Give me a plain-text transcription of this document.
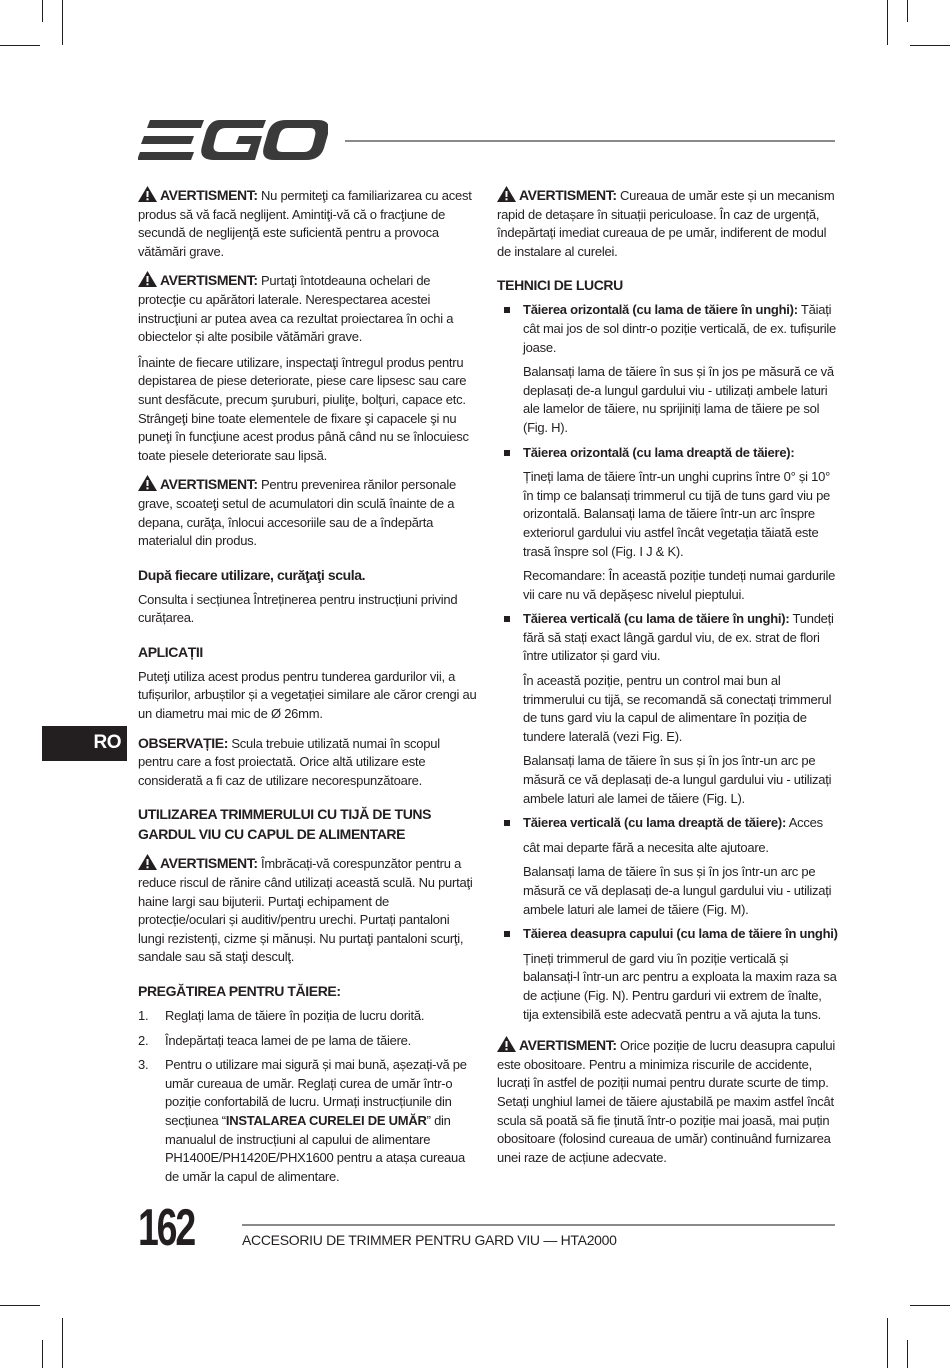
AVERTISMENT: Nu permiteţi ca familiarizarea cu acest produs să vă facă neglijent. Amintiţi-vă că o fracţiune de secundă de neglijenţă este suficientă pentru a provoca vătămări grave.

AVERTISMENT: Purtaţi întotdeauna ochelari de protecţie cu apărători laterale. Nerespectarea acestei instrucţiuni ar putea avea ca rezultat proiectarea în ochi a obiectelor și alte posibile vătămări grave.

Înainte de fiecare utilizare, inspectaţi întregul produs pentru depistarea de piese deteriorate, piese care lipsesc sau care sunt desfăcute, precum şuruburi, piuliţe, bolţuri, capace etc. Strângeţi bine toate elementele de fixare şi capacele şi nu puneţi în funcţiune acest produs până când nu se înlocuiesc toate piesele deteriorate sau lipsă.

AVERTISMENT: Pentru prevenirea rănilor personale grave, scoateţi setul de acumulatori din sculă înainte de a depana, curăţa, înlocui accesoriile sau de a îndepărta materialul din produs.

După fiecare utilizare, curăţaţi scula.

Consulta i secțiunea Întreținerea pentru instrucțiuni privind curățarea.

APLICAȚII

Puteţi utiliza acest produs pentru tunderea gardurilor vii, a tufișurilor, arbuștilor și a vegetației similare ale căror crengi au un diametru mai mic de Ø 26mm.

OBSERVAȚIE: Scula trebuie utilizată numai în scopul pentru care a fost proiectată. Orice altă utilizare este considerată a fi caz de utilizare necorespunzătoare.

UTILIZAREA TRIMMERULUI CU TIJĂ DE TUNS GARDUL VIU CU CAPUL DE ALIMENTARE

AVERTISMENT: Îmbrăcați-vă corespunzător pentru a reduce riscul de rănire când utilizați această sculă. Nu purtaţi haine largi sau bijuterii. Purtaţi echipament de protecție/oculari și auditiv/pentru urechi. Purtați pantaloni lungi rezistenți, cizme și mănuși. Nu purtaţi pantaloni scurţi, sandale sau să staţi desculţ.

PREGĂTIREA PENTRU TĂIERE:
1. Reglați lama de tăiere în poziția de lucru dorită.
2. Îndepărtați teaca lamei de pe lama de tăiere.
3. Pentru o utilizare mai sigură și mai bună, așezați-vă pe umăr cureaua de umăr. Reglați curea de umăr într-o poziție confortabilă de lucru. Urmați instrucțiunile din secțiunea “INSTALAREA CURELEI DE UMĂR” din manualul de instrucțiuni al capului de alimentare PH1400E/PH1420E/PHX1600 pentru a atașa cureaua de umăr la capul de alimentare.

AVERTISMENT: Cureaua de umăr este și un mecanism rapid de detașare în situații periculoase. În caz de urgență, îndepărtați imediat cureaua de pe umăr, indiferent de modul de instalare al curelei.

TEHNICI DE LUCRU
Tăierea orizontală (cu lama de tăiere în unghi): Tăiați cât mai jos de sol dintr-o poziție verticală, de ex. tufișurile joase.
Balansați lama de tăiere în sus și în jos pe măsură ce vă deplasați de-a lungul gardului viu - utilizați ambele laturi ale lamelor de tăiere, nu sprijiniți lama de tăiere pe sol (Fig. H).
Tăierea orizontală (cu lama dreaptă de tăiere):
Țineți lama de tăiere într-un unghi cuprins între 0° și 10° în timp ce balansați trimmerul cu tijă de tuns gard viu pe orizontală. Balansați lama de tăiere într-un arc înspre exteriorul gardului viu astfel încât vegetația tăiată este trasă înspre sol (Fig. I J & K).
Recomandare: În această poziție tundeți numai gardurile vii care nu vă depășesc nivelul pieptului.
Tăierea verticală (cu lama de tăiere în unghi): Tundeți fără să stați exact lângă gardul viu, de ex. strat de flori între utilizator și gard viu.
În această poziție, pentru un control mai bun al trimmerului cu tijă, se recomandă să conectați trimmerul de tuns gard viu la capul de alimentare în poziția de tundere laterală (vezi Fig. E).
Balansați lama de tăiere în sus și în jos într-un arc pe măsură ce vă deplasați de-a lungul gardului viu - utilizați ambele laturi ale lamei de tăiere (Fig. L).
Tăierea verticală (cu lama dreaptă de tăiere): Acces
cât mai departe fără a necesita alte ajutoare.
Balansați lama de tăiere în sus și în jos într-un arc pe măsură ce vă deplasați de-a lungul gardului viu - utilizați ambele laturi ale lamei de tăiere (Fig. M).
Tăierea deasupra capului (cu lama de tăiere în unghi)
Țineți trimmerul de gard viu în poziție verticală și balansați-l într-un arc pentru a exploata la maxim raza sa de acțiune (Fig. N). Pentru garduri vii extrem de înalte, tija extensibilă este adecvată pentru a vă ajuta la tuns.

AVERTISMENT: Orice poziție de lucru deasupra capului este obositoare. Pentru a minimiza riscurile de accidente, lucrați în astfel de poziții numai pentru durate scurte de timp. Setați unghiul lamei de tăiere ajustabilă pe maxim astfel încât scula să poată să fie ținută într-o poziție mai joasă, mai puțin obositoare (folosind cureaua de umăr) continuând furnizarea unei raze de acțiune adecvate.

RO
162	ACCESORIU DE TRIMMER PENTRU GARD VIU — HTA2000
